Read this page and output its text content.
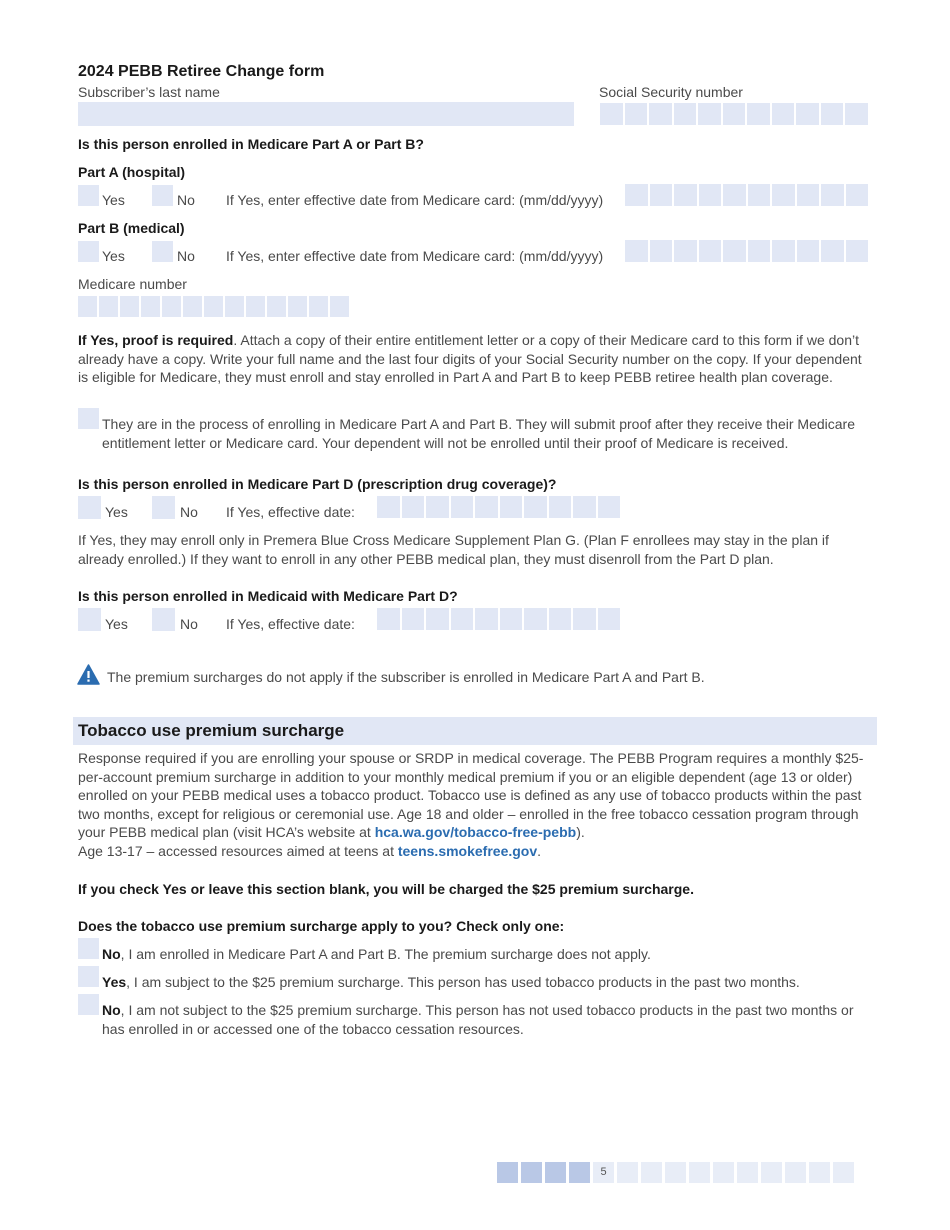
2024 PEBB Retiree Change form
Subscriber’s last name	Social Security number
Is this person enrolled in Medicare Part A or Part B?
Part A (hospital)
Yes	No If Yes, enter effective date from Medicare card: (mm/dd/yyyy)
Part B (medical)
Yes	No If Yes, enter effective date from Medicare card: (mm/dd/yyyy)
Medicare number
If Yes, proof is required. Attach a copy of their entire entitlement letter or a copy of their Medicare card to this form if we don’t already have a copy. Write your full name and the last four digits of your Social Security number on the copy. If your dependent is eligible for Medicare, they must enroll and stay enrolled in Part A and Part B to keep PEBB retiree health plan coverage.
They are in the process of enrolling in Medicare Part A and Part B. They will submit proof after they receive their Medicare entitlement letter or Medicare card. Your dependent will not be enrolled until their proof of Medicare is received.
Is this person enrolled in Medicare Part D (prescription drug coverage)?
Yes	No If Yes, effective date:
If Yes, they may enroll only in Premera Blue Cross Medicare Supplement Plan G. (Plan F enrollees may stay in the plan if already enrolled.) If they want to enroll in any other PEBB medical plan, they must disenroll from the Part D plan.
Is this person enrolled in Medicaid with Medicare Part D?
Yes	No If Yes, effective date:
The premium surcharges do not apply if the subscriber is enrolled in Medicare Part A and Part B.
Tobacco use premium surcharge
Response required if you are enrolling your spouse or SRDP in medical coverage. The PEBB Program requires a monthly $25-per-account premium surcharge in addition to your monthly medical premium if you or an eligible dependent (age 13 or older) enrolled on your PEBB medical uses a tobacco product. Tobacco use is defined as any use of tobacco products within the past two months, except for religious or ceremonial use. Age 18 and older – enrolled in the free tobacco cessation program through your PEBB medical plan (visit HCA’s website at hca.wa.gov/tobacco-free-pebb).
Age 13-17 – accessed resources aimed at teens at teens.smokefree.gov.
If you check Yes or leave this section blank, you will be charged the $25 premium surcharge.
Does the tobacco use premium surcharge apply to you? Check only one:
No, I am enrolled in Medicare Part A and Part B. The premium surcharge does not apply.
Yes, I am subject to the $25 premium surcharge. This person has used tobacco products in the past two months.
No, I am not subject to the $25 premium surcharge. This person has not used tobacco products in the past two months or has enrolled in or accessed one of the tobacco cessation resources.
5
